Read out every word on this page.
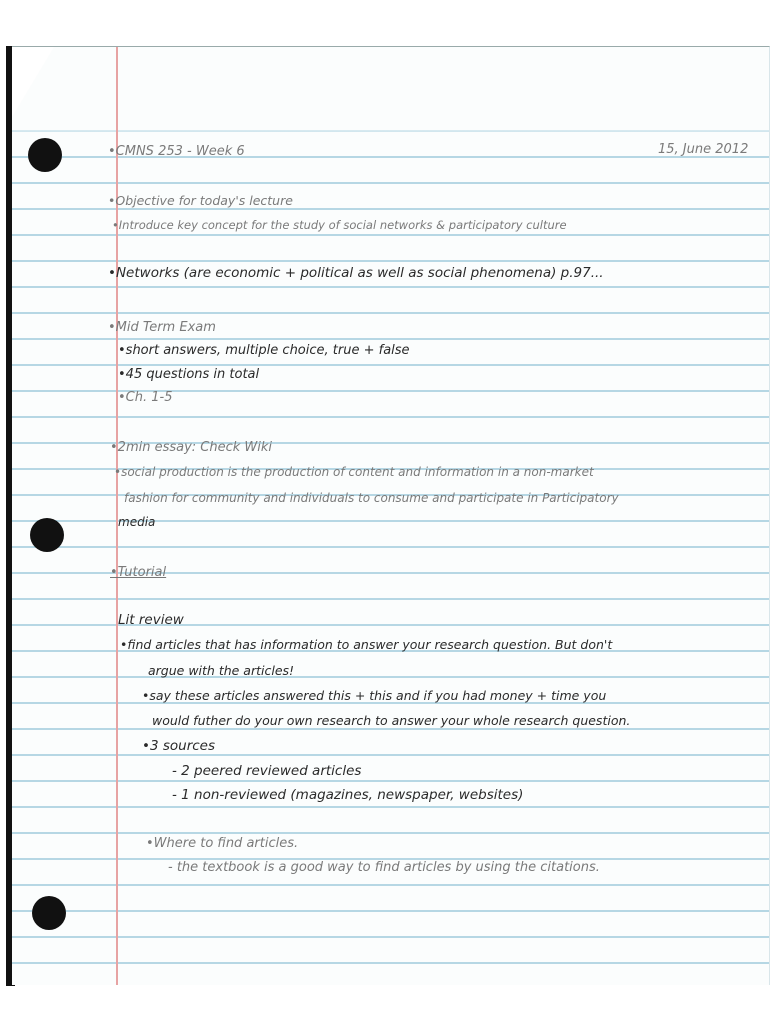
•CMNS 253 - Week 6	15, June 2012
•Objective for today's lecture
•Introduce key concept for the study of social networks & participatory culture
•Networks (are economic + political as well as social phenomena) p.97...
•Mid Term Exam
•short answers, multiple choice, true + false
•45 questions in total
•Ch. 1-5
•2min essay: Check Wiki
•social production is the production of content and information in a non-market
fashion for community and individuals to consume and participate in Participatory
media
•Tutorial
Lit review
•find articles that has information to answer your research question. But don't
argue with the articles!
•say these articles answered this + this and if you had money + time you
would futher do your own research to answer your whole research question.
•3 sources
- 2 peered reviewed articles
- 1 non-reviewed (magazines, newspaper, websites)
•Where to find articles.
- the textbook is a good way to find articles by using the citations.
